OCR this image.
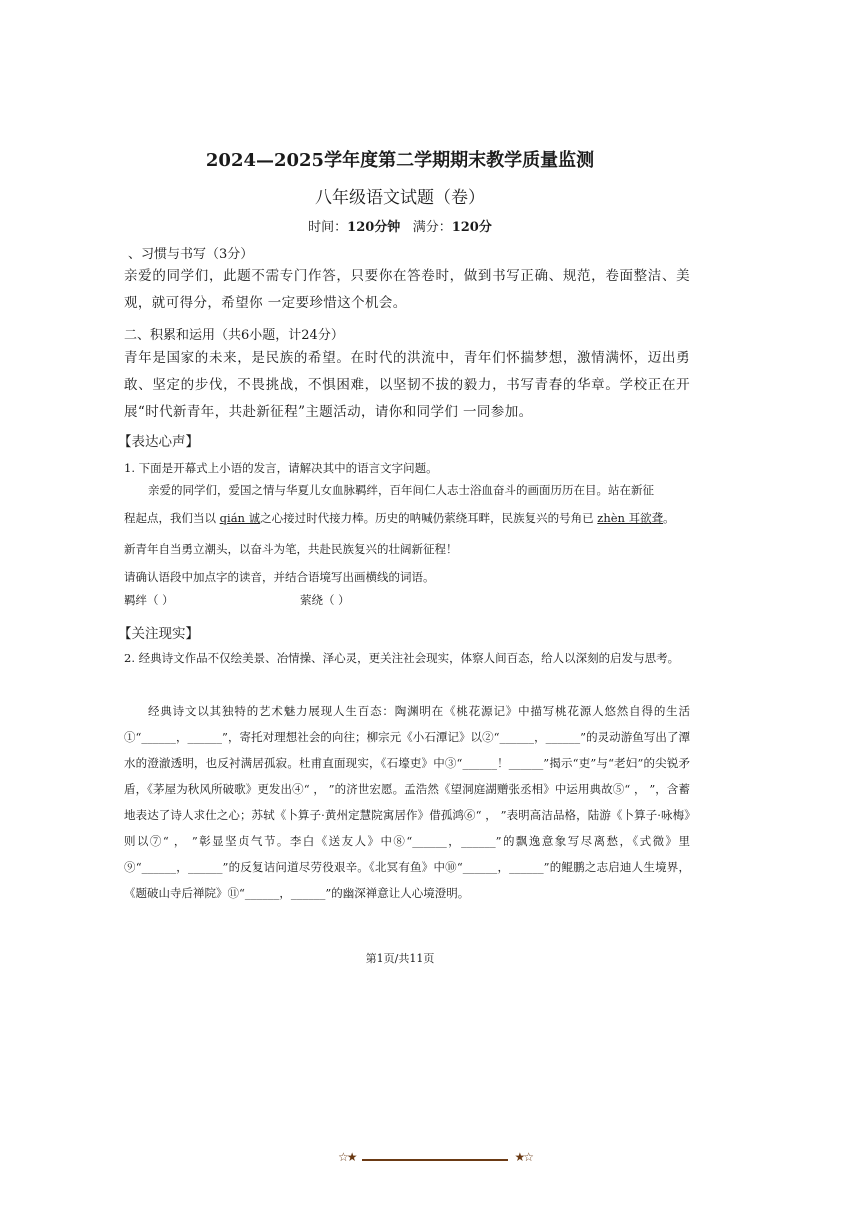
2024—2025学年度第二学期期末教学质量监测
八年级语文试题（卷）
时间：120分钟 满分：120分
、习惯与书写（3分）
亲爱的同学们，此题不需专门作答，只要你在答卷时，做到书写正确、规范，卷面整洁、美观，就可得分，希望你 一定要珍惜这个机会。
二、积累和运用（共6小题，计24分）
青年是国家的未来，是民族的希望。在时代的洪流中，青年们怀揣梦想，激情满怀，迈出勇敢、坚定的步伐，不畏挑战，不惧困难，以坚韧不拔的毅力，书写青春的华章。学校正在开展“时代新青年，共赴新征程”主题活动，请你和同学们 一同参加。
【表达心声】
1. 下面是开幕式上小语的发言，请解决其中的语言文字问题。
亲爱的同学们，爱国之情与华夏儿女血脉羁绊，百年间仁人志士浴血奋斗的画面历历在目。站在新征
程起点，我们当以 qián 诚之心接过时代接力棒。历史的呐喊仍萦绕耳畔，民族复兴的号角已 zhèn 耳欲聋。
新青年自当勇立潮头，以奋斗为笔，共赴民族复兴的壮阔新征程！
请确认语段中加点字的读音，并结合语境写出画横线的词语。
羁绊（ ）	萦绕（ ）
【关注现实】
2. 经典诗文作品不仅绘美景、冶情操、泽心灵，更关注社会现实，体察人间百态，给人以深刻的启发与思考。
经典诗文以其独特的艺术魅力展现人生百态：陶渊明在《桃花源记》中描写桃花源人悠然自得的生活①“______，______”，寄托对理想社会的向往；柳宗元《小石潭记》以②“______，______”的灵动游鱼写出了潭水的澄澈透明，也反衬满居孤寂。杜甫直面现实，《石壕吏》中③“______！______”揭示“吏”与“老妇”的尖锐矛盾，《茅屋为秋风所破歌》更发出④“ ， ”的济世宏愿。孟浩然《望洞庭湖赠张丞相》中运用典故⑤“ ， ”，含蓄地表达了诗人求仕之心；苏轼《卜算子·黄州定慧院寓居作》借孤鸿⑥“ ， ”表明高洁品格，陆游《卜算子·咏梅》则以⑦“ ， ”彰显坚贞气节。李白《送友人》中⑧“______，______”的飘逸意象写尽离愁，《式微》里⑨“______，______”的反复诘问道尽劳役艰辛。《北冥有鱼》中⑩“______，______”的鲲鹏之志启迪人生境界，《题破山寺后禅院》⑪“______，______”的幽深禅意让人心境澄明。
第1页/共11页
☆★	★☆
